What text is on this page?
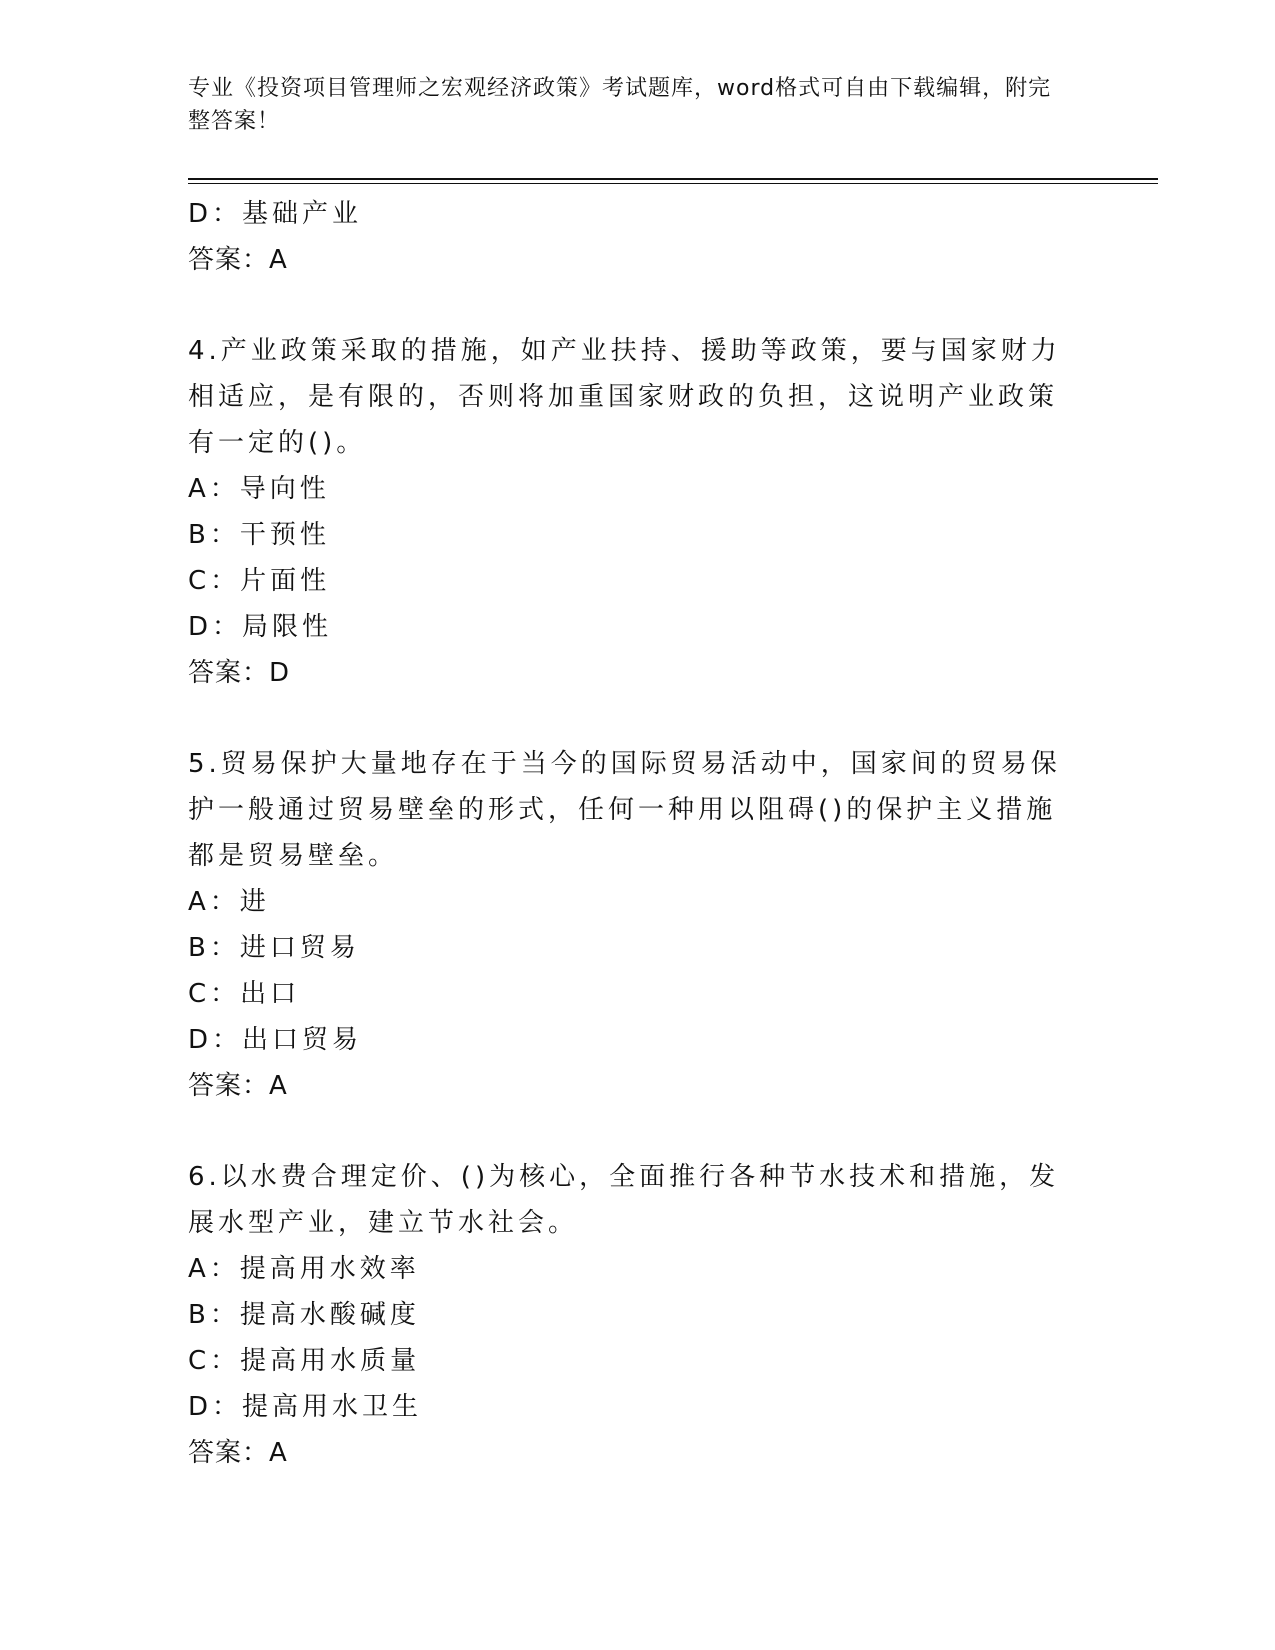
专业《投资项目管理师之宏观经济政策》考试题库，word格式可自由下载编辑，附完整答案！
D：基础产业
答案：A
4.产业政策采取的措施，如产业扶持、援助等政策，要与国家财力相适应，是有限的，否则将加重国家财政的负担，这说明产业政策有一定的()。
A：导向性
B：干预性
C：片面性
D：局限性
答案：D
5.贸易保护大量地存在于当今的国际贸易活动中，国家间的贸易保护一般通过贸易壁垒的形式，任何一种用以阻碍()的保护主义措施都是贸易壁垒。
A：进
B：进口贸易
C：出口
D：出口贸易
答案：A
6.以水费合理定价、()为核心，全面推行各种节水技术和措施，发展水型产业，建立节水社会。
A：提高用水效率
B：提高水酸碱度
C：提高用水质量
D：提高用水卫生
答案：A
